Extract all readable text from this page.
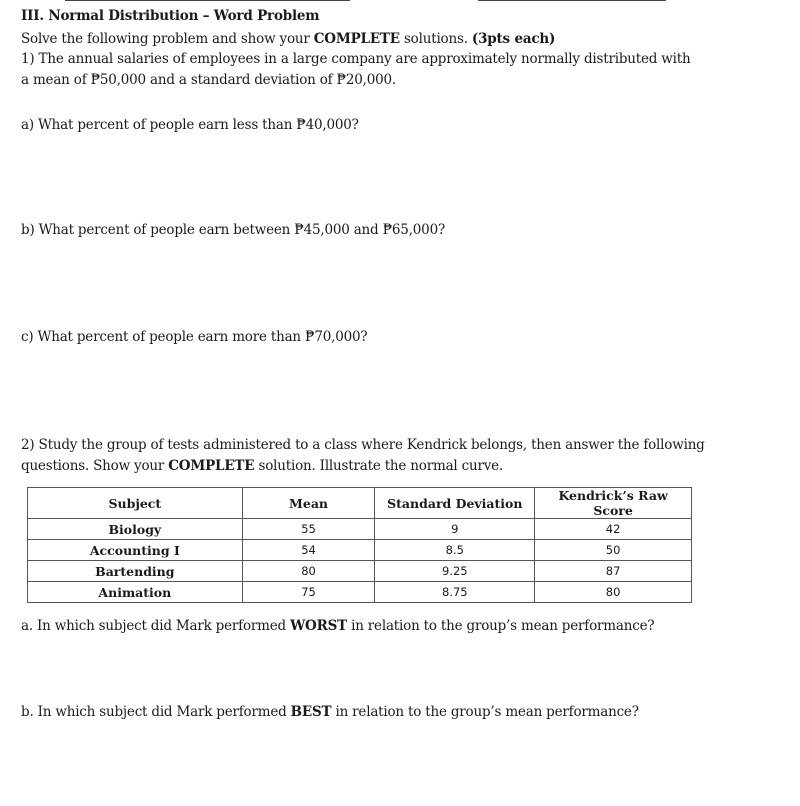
III. Normal Distribution – Word Problem
Solve the following problem and show your COMPLETE solutions. (3pts each)
1) The annual salaries of employees in a large company are approximately normally distributed with
a mean of ₱50,000 and a standard deviation of ₱20,000.
a) What percent of people earn less than ₱40,000?
b) What percent of people earn between ₱45,000 and ₱65,000?
c) What percent of people earn more than ₱70,000?
2) Study the group of tests administered to a class where Kendrick belongs, then answer the following
questions. Show your COMPLETE solution. Illustrate the normal curve.
Subject	Mean	Standard Deviation	Kendrick’s Raw Score
Biology	55	9	42
Accounting I	54	8.5	50
Bartending	80	9.25	87
Animation	75	8.75	80
a. In which subject did Mark performed WORST in relation to the group’s mean performance?
b. In which subject did Mark performed BEST in relation to the group’s mean performance?
